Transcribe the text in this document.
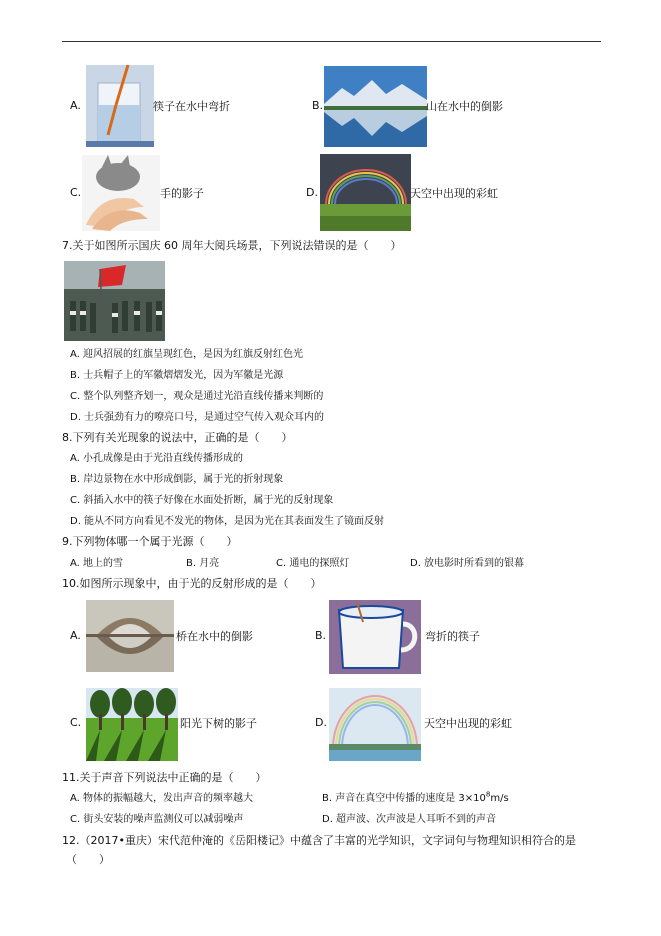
A.	筷子在水中弯折	B.	山在水中的倒影
C.	手的影子	D.	天空中出现的彩虹
7.关于如图所示国庆 60 周年大阅兵场景，下列说法错误的是（　　）
A. 迎风招展的红旗呈现红色，是因为红旗反射红色光
B. 士兵帽子上的军徽熠熠发光，因为军徽是光源
C. 整个队列整齐划一，观众是通过光沿直线传播来判断的
D. 士兵强劲有力的嘹亮口号，是通过空气传入观众耳内的
8.下列有关光现象的说法中，正确的是（　　）
A. 小孔成像是由于光沿直线传播形成的
B. 岸边景物在水中形成倒影，属于光的折射现象
C. 斜插入水中的筷子好像在水面处折断，属于光的反射现象
D. 能从不同方向看见不发光的物体，是因为光在其表面发生了镜面反射
9.下列物体哪一个属于光源（　　）
A. 地上的雪	B. 月亮	C. 通电的探照灯	D. 放电影时所看到的银幕
10.如图所示现象中，由于光的反射形成的是（　　）
A.	桥在水中的倒影	B.	弯折的筷子
C.	阳光下树的影子	D.	天空中出现的彩虹
11.关于声音下列说法中正确的是（　　）
A. 物体的振幅越大，发出声音的频率越大	B. 声音在真空中传播的速度是 $3\times 10^8m/s$
C. 街头安装的噪声监测仪可以减弱噪声	D. 超声波、次声波是人耳听不到的声音
12.（2017•重庆）宋代范仲淹的《岳阳楼记》中蕴含了丰富的光学知识，文字词句与物理知识相符合的是
（　　）
